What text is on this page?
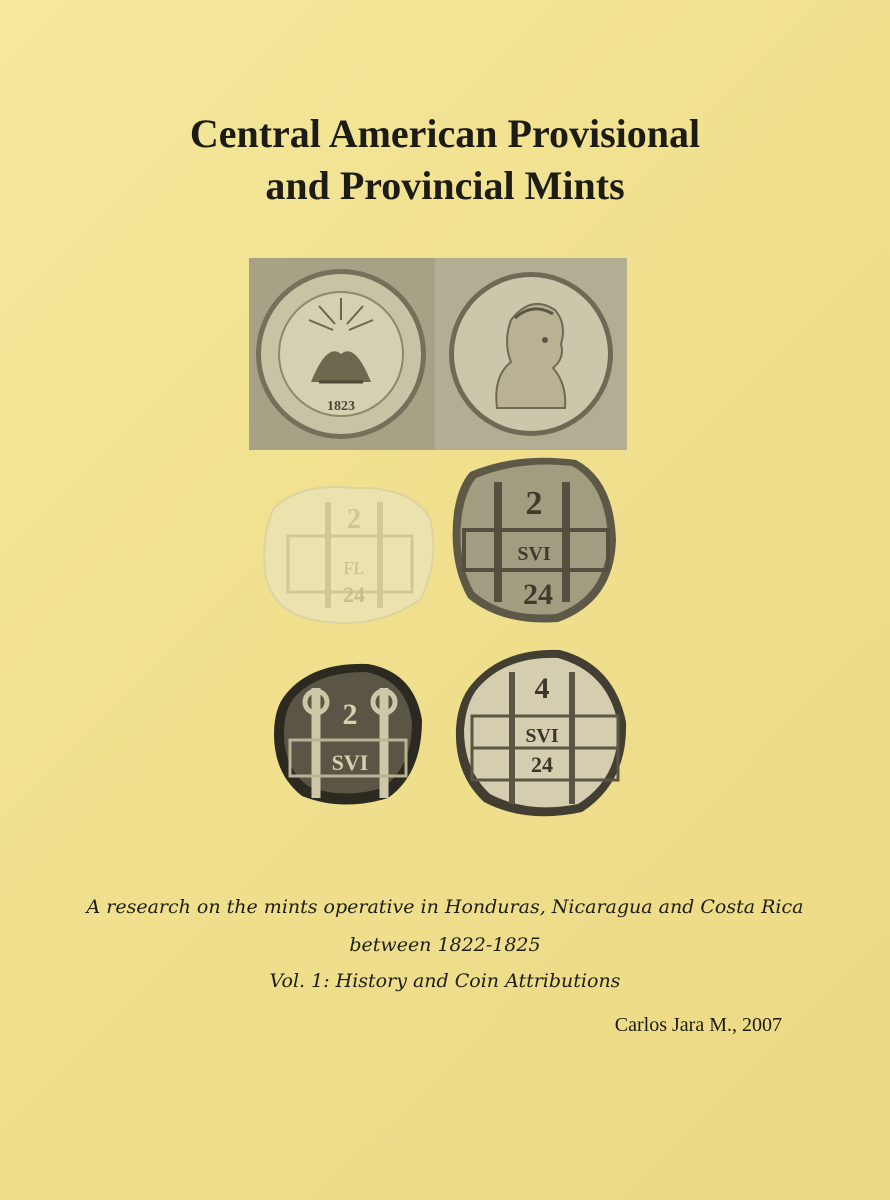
Central American Provisional
and Provincial Mints
1823
2
24
FL
2
SVI
24
2
SVI
4
SVI
24
A research on the mints operative in Honduras, Nicaragua and Costa Rica
between 1822-1825
Vol. 1: History and Coin Attributions
Carlos Jara M., 2007
